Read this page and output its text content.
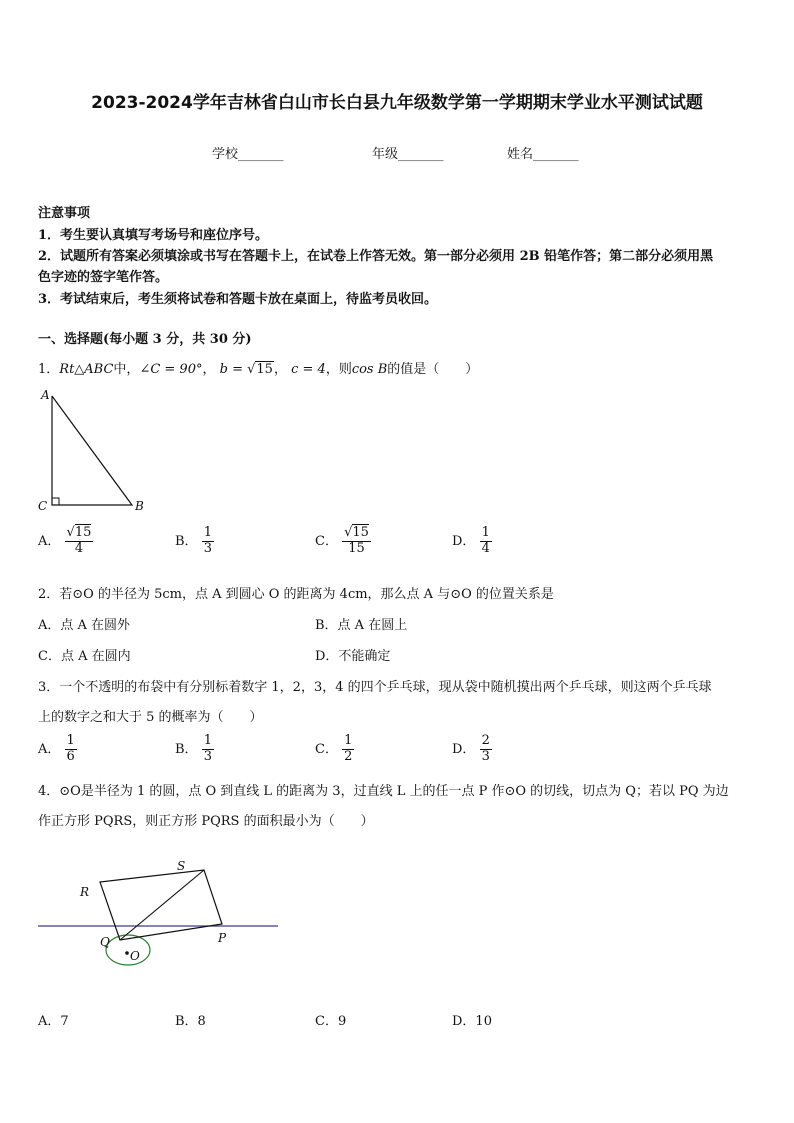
2023-2024学年吉林省白山市长白县九年级数学第一学期期末学业水平测试试题
学校_______	年级_______	姓名_______
注意事项
1．考生要认真填写考场号和座位序号。
2．试题所有答案必须填涂或书写在答题卡上，在试卷上作答无效。第一部分必须用 2B 铅笔作答；第二部分必须用黑
色字迹的签字笔作答。
3．考试结束后，考生须将试卷和答题卡放在桌面上，待监考员收回。
一、选择题(每小题 3 分，共 30 分)
1．Rt△ABC中，∠C = 90°， b = √15， c = 4，则cos B的值是（　　）
A
C	B
A． $\frac{√15}{4}$	B． $\frac{1}{3}$	C． $\frac{√15}{15}$	D． $\frac{1}{4}$
2．若⊙O 的半径为 5cm，点 A 到圆心 O 的距离为 4cm，那么点 A 与⊙O 的位置关系是
A．点 A 在圆外	B．点 A 在圆上
C．点 A 在圆内	D．不能确定
3．一个不透明的布袋中有分别标着数字 1，2，3，4 的四个乒乓球，现从袋中随机摸出两个乒乓球，则这两个乒乓球
上的数字之和大于 5 的概率为（　　）
A． $\frac{1}{6}$	B． $\frac{1}{3}$	C． $\frac{1}{2}$	D． $\frac{2}{3}$
4．⊙O是半径为 1 的圆，点 O 到直线 L 的距离为 3，过直线 L 上的任一点 P 作⊙O 的切线，切点为 Q；若以 PQ 为边
作正方形 PQRS，则正方形 PQRS 的面积最小为（　　）
R
S
Q	P
O
A．7	B．8	C．9	D．10
